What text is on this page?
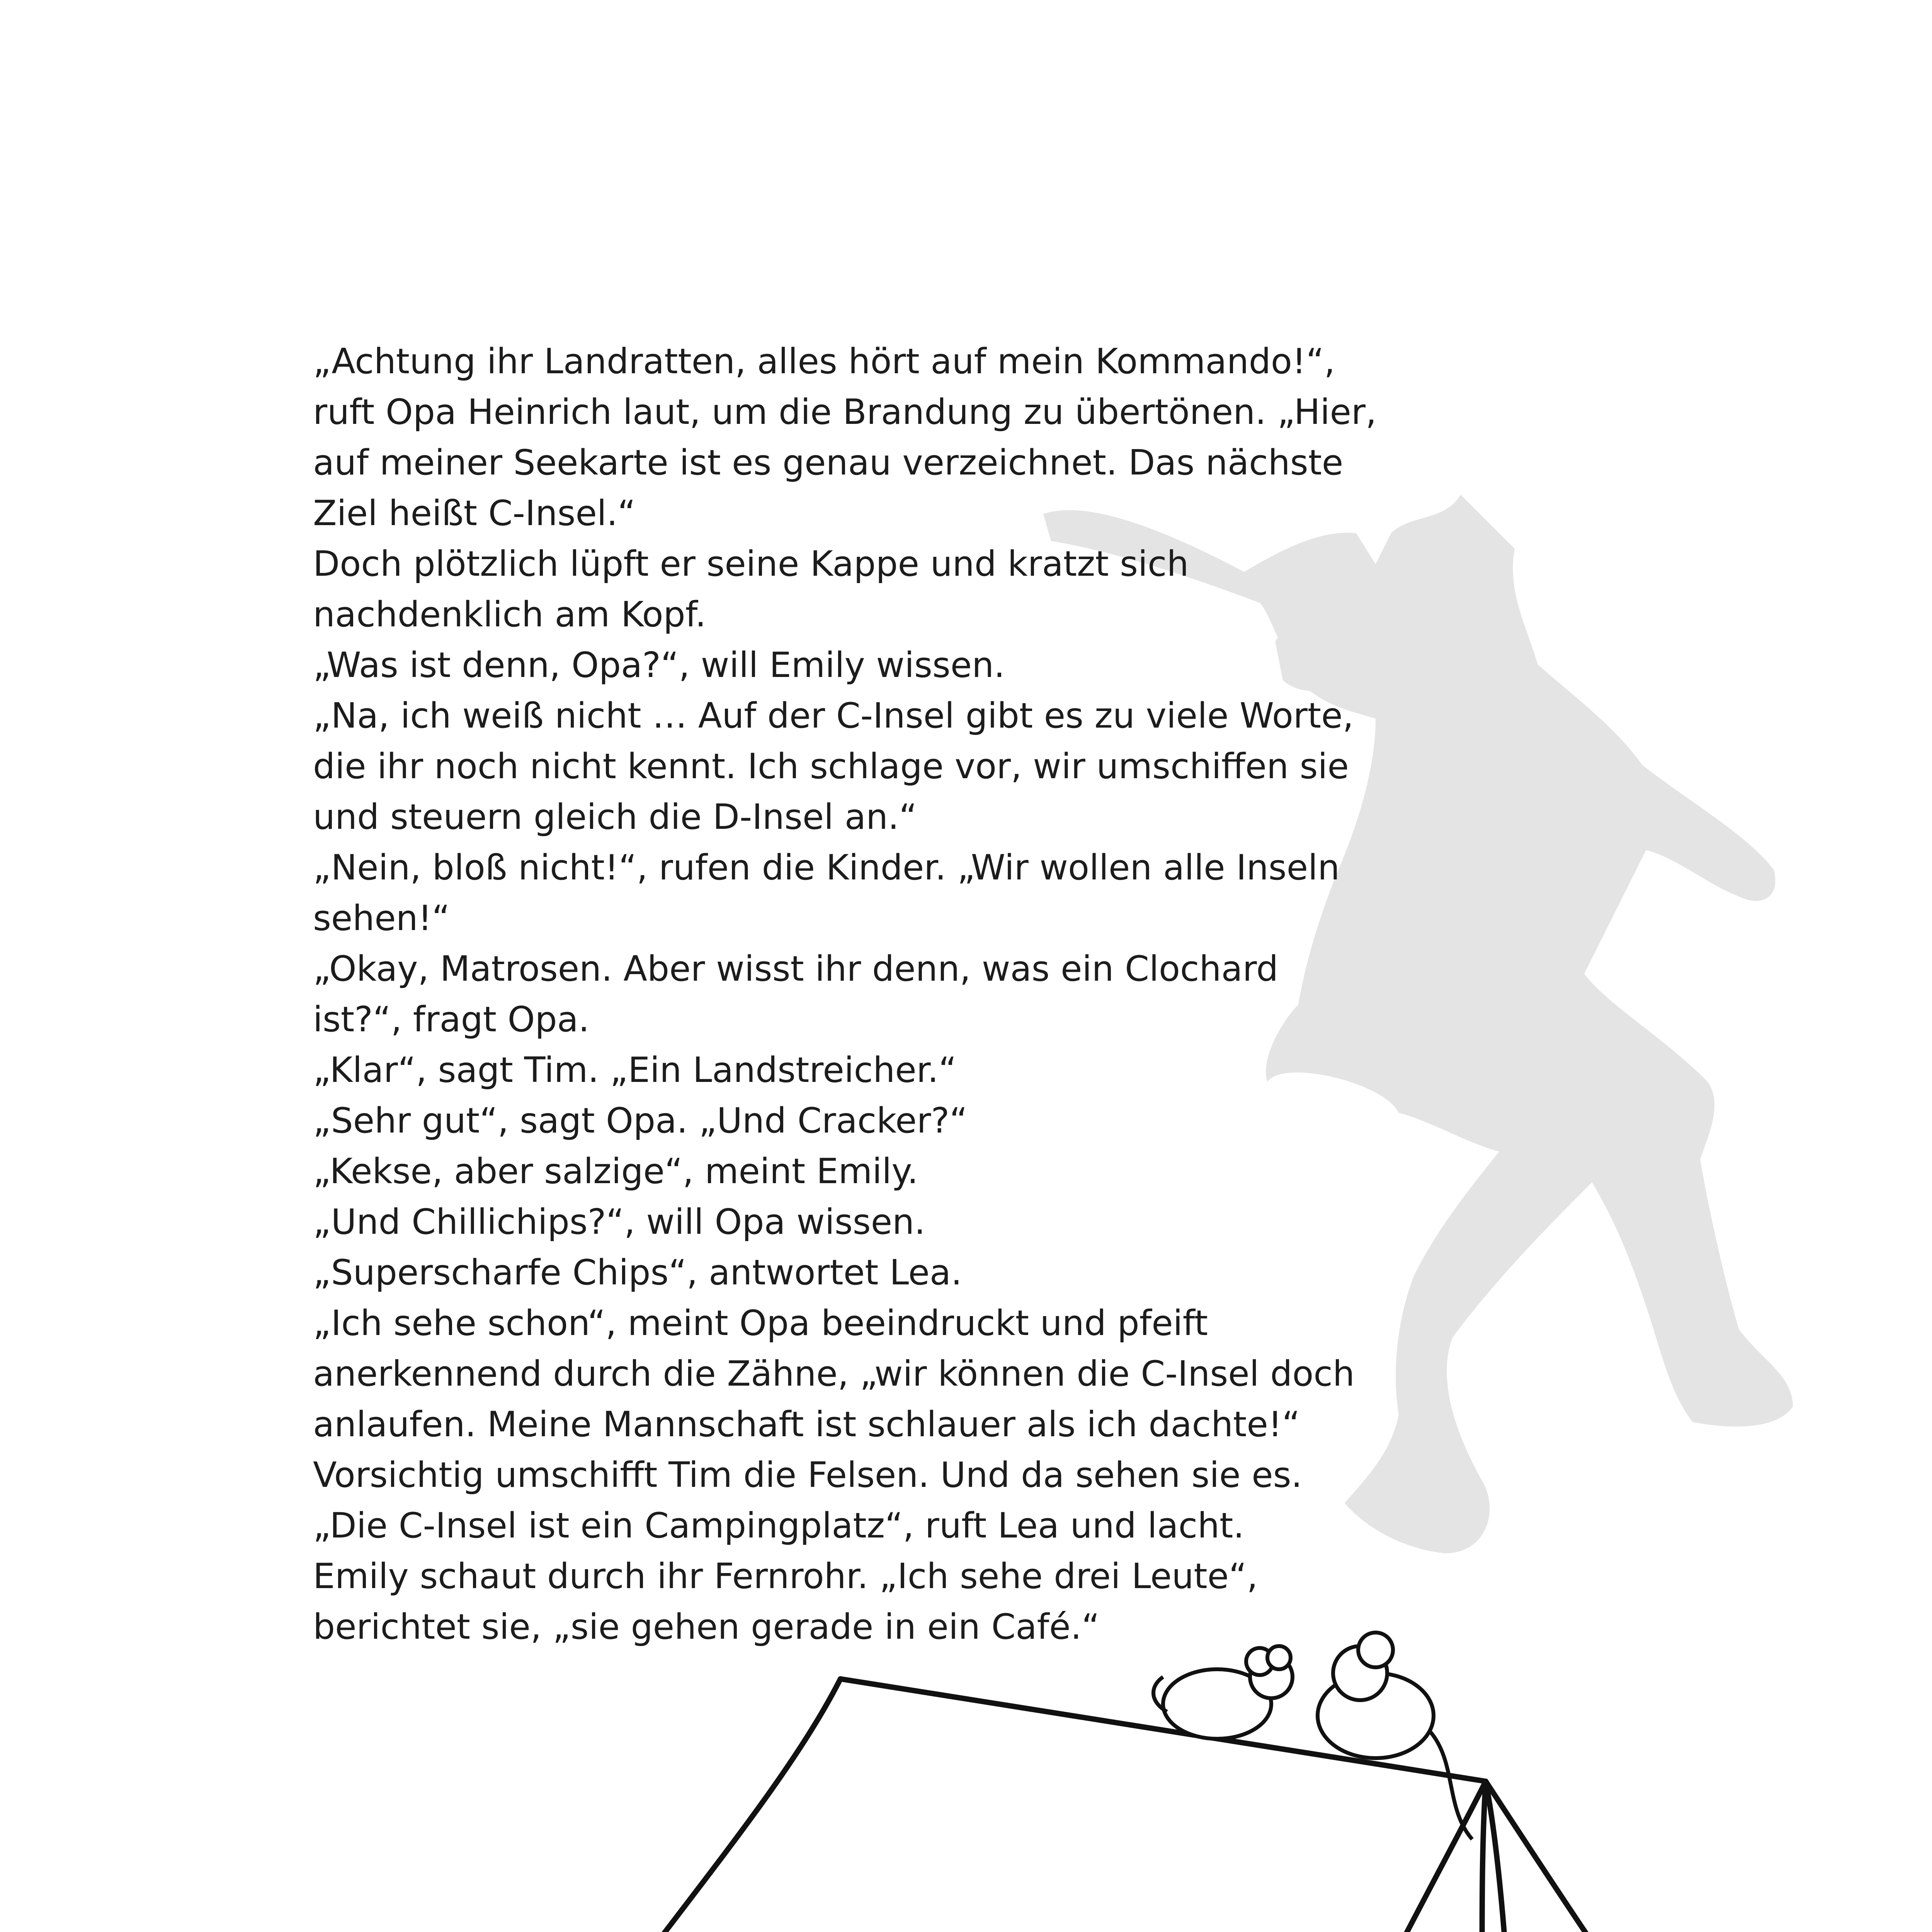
„Achtung ihr Landratten, alles hört auf mein Kommando!“,
ruft Opa Heinrich laut, um die Brandung zu übertönen. „Hier,
auf meiner Seekarte ist es genau verzeichnet. Das nächste
Ziel heißt C-Insel.“
Doch plötzlich lüpft er seine Kappe und kratzt sich
nachdenklich am Kopf.
„Was ist denn, Opa?“, will Emily wissen.
„Na, ich weiß nicht … Auf der C-Insel gibt es zu viele Worte,
die ihr noch nicht kennt. Ich schlage vor, wir umschiffen sie
und steuern gleich die D-Insel an.“
„Nein, bloß nicht!“, rufen die Kinder. „Wir wollen alle Inseln
sehen!“
„Okay, Matrosen. Aber wisst ihr denn, was ein Clochard
ist?“, fragt Opa.
„Klar“, sagt Tim. „Ein Landstreicher.“
„Sehr gut“, sagt Opa. „Und Cracker?“
„Kekse, aber salzige“, meint Emily.
„Und Chillichips?“, will Opa wissen.
„Superscharfe Chips“, antwortet Lea.
„Ich sehe schon“, meint Opa beeindruckt und pfeift
anerkennend durch die Zähne, „wir können die C-Insel doch
anlaufen. Meine Mannschaft ist schlauer als ich dachte!“
Vorsichtig umschifft Tim die Felsen. Und da sehen sie es.
„Die C-Insel ist ein Campingplatz“, ruft Lea und lacht.
Emily schaut durch ihr Fernrohr. „Ich sehe drei Leute“,
berichtet sie, „sie gehen gerade in ein Café.“
